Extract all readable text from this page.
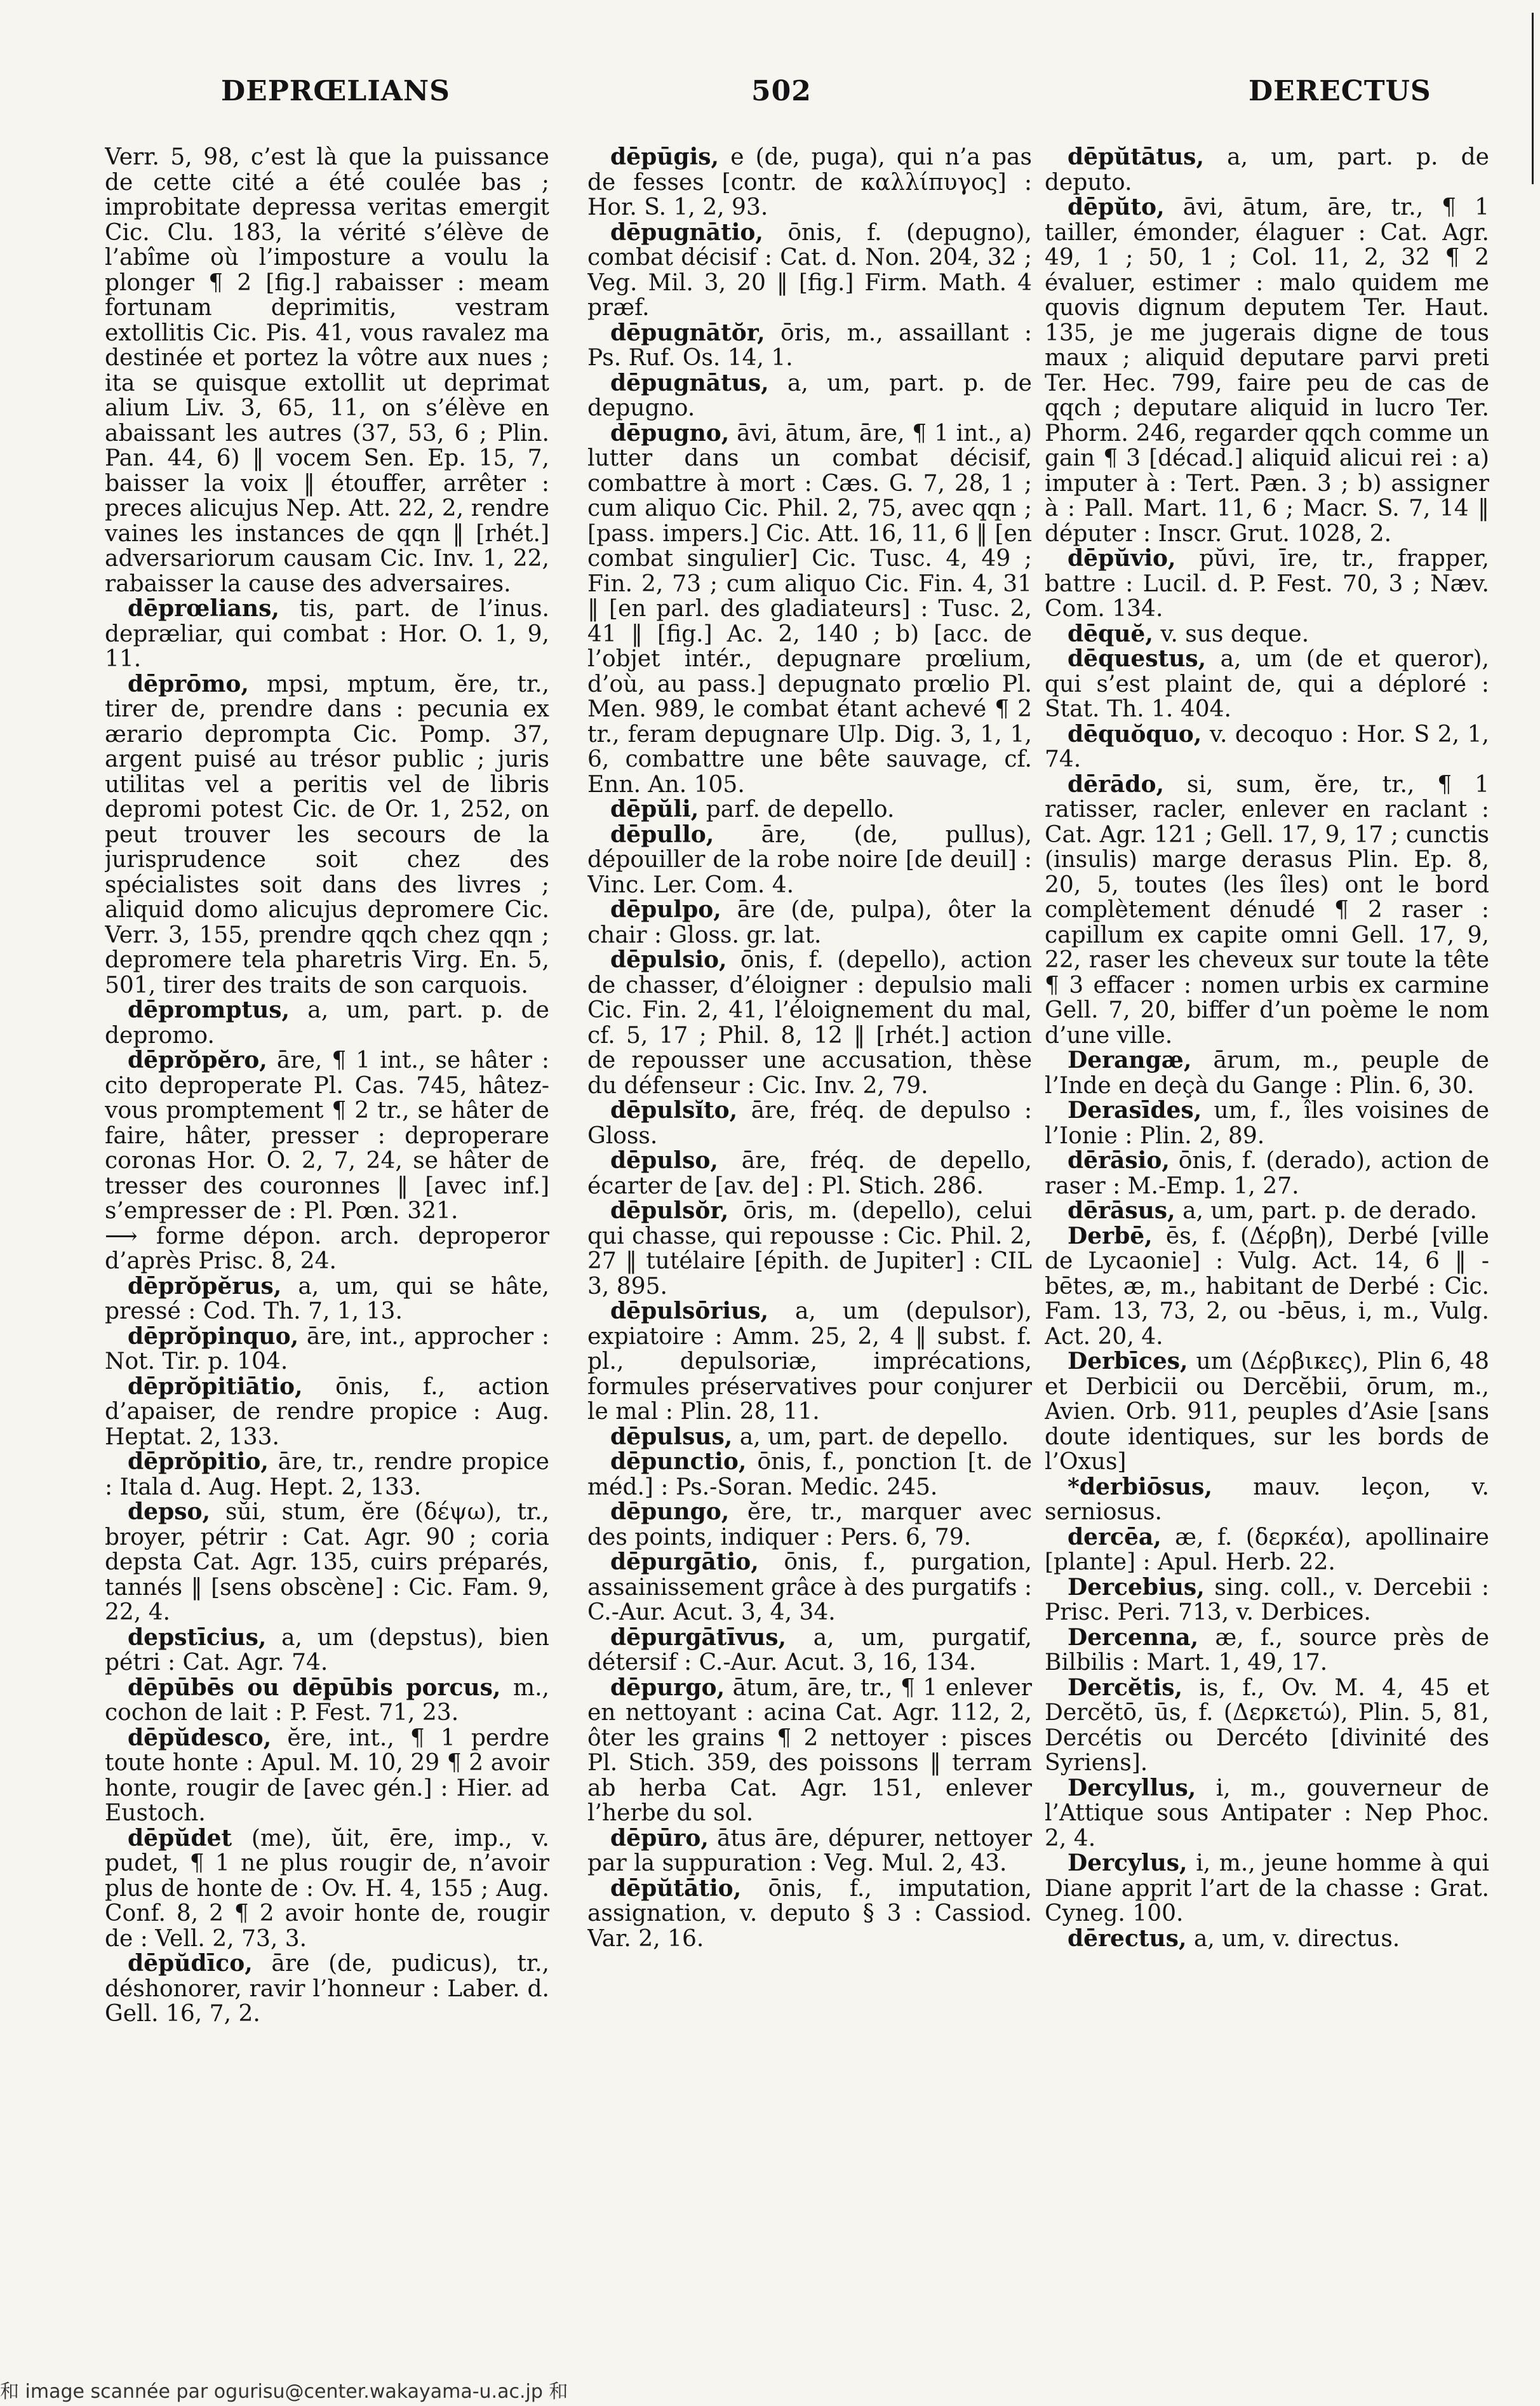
DEPRŒLIANS	502	DERECTUS

Verr. 5, 98, c’est là que la puissance de cette cité a été coulée bas ; improbitate depressa veritas emergit Cic. Clu. 183, la vérité s’élève de l’abîme où l’imposture a voulu la plonger ¶ 2 [fig.] rabaisser : meam fortunam deprimitis, vestram extollitis Cic. Pis. 41, vous ravalez ma destinée et portez la vôtre aux nues ; ita se quisque extollit ut deprimat alium Liv. 3, 65, 11, on s’élève en abaissant les autres (37, 53, 6 ; Plin. Pan. 44, 6) ‖ vocem Sen. Ep. 15, 7, baisser la voix ‖ étouffer, arrêter : preces alicujus Nep. Att. 22, 2, rendre vaines les instances de qqn ‖ [rhét.] adversariorum causam Cic. Inv. 1, 22, rabaisser la cause des adversaires.

dēprœlians, tis, part. de l’inus. depræliar, qui combat : Hor. O. 1, 9, 11.

dēprōmo, mpsi, mptum, ĕre, tr., tirer de, prendre dans : pecunia ex ærario deprompta Cic. Pomp. 37, argent puisé au trésor public ; juris utilitas vel a peritis vel de libris depromi potest Cic. de Or. 1, 252, on peut trouver les secours de la jurisprudence soit chez des spécialistes soit dans des livres ; aliquid domo alicujus depromere Cic. Verr. 3, 155, prendre qqch chez qqn ; depromere tela pharetris Virg. En. 5, 501, tirer des traits de son carquois.

dēpromptus, a, um, part. p. de depromo.

dēprŏpĕro, āre, ¶ 1 int., se hâter : cito deproperate Pl. Cas. 745, hâtez-vous promptement ¶ 2 tr., se hâter de faire, hâter, presser : deproperare coronas Hor. O. 2, 7, 24, se hâter de tresser des couronnes ‖ [avec inf.] s’empresser de : Pl. Pœn. 321.

⟶ forme dépon. arch. deproperor d’après Prisc. 8, 24.

dēprŏpĕrus, a, um, qui se hâte, pressé : Cod. Th. 7, 1, 13.

dēprŏpinquo, āre, int., approcher : Not. Tir. p. 104.

dēprŏpitiātio, ōnis, f., action d’apaiser, de rendre propice : Aug. Heptat. 2, 133.

dēprŏpitio, āre, tr., rendre propice : Itala d. Aug. Hept. 2, 133.

depso, sŭi, stum, ĕre (δέψω), tr., broyer, pétrir : Cat. Agr. 90 ; coria depsta Cat. Agr. 135, cuirs préparés, tannés ‖ [sens obscène] : Cic. Fam. 9, 22, 4.

depstīcius, a, um (depstus), bien pétri : Cat. Agr. 74.

dēpūbēs ou dēpūbis porcus, m., cochon de lait : P. Fest. 71, 23.

dēpŭdesco, ĕre, int., ¶ 1 perdre toute honte : Apul. M. 10, 29 ¶ 2 avoir honte, rougir de [avec gén.] : Hier. ad Eustoch.

dēpŭdet (me), ŭit, ēre, imp., v. pudet, ¶ 1 ne plus rougir de, n’avoir plus de honte de : Ov. H. 4, 155 ; Aug. Conf. 8, 2 ¶ 2 avoir honte de, rougir de : Vell. 2, 73, 3.

dēpŭdīco, āre (de, pudicus), tr., déshonorer, ravir l’honneur : Laber. d. Gell. 16, 7, 2.

dēpūgis, e (de, puga), qui n’a pas de fesses [contr. de καλλίπυγος] : Hor. S. 1, 2, 93.

dēpugnātio, ōnis, f. (depugno), combat décisif : Cat. d. Non. 204, 32 ; Veg. Mil. 3, 20 ‖ [fig.] Firm. Math. 4 præf.

dēpugnātŏr, ōris, m., assaillant : Ps. Ruf. Os. 14, 1.

dēpugnātus, a, um, part. p. de depugno.

dēpugno, āvi, ātum, āre, ¶ 1 int., a) lutter dans un combat décisif, combattre à mort : Cæs. G. 7, 28, 1 ; cum aliquo Cic. Phil. 2, 75, avec qqn ; [pass. impers.] Cic. Att. 16, 11, 6 ‖ [en combat singulier] Cic. Tusc. 4, 49 ; Fin. 2, 73 ; cum aliquo Cic. Fin. 4, 31 ‖ [en parl. des gladiateurs] : Tusc. 2, 41 ‖ [fig.] Ac. 2, 140 ; b) [acc. de l’objet intér., depugnare prœlium, d’où, au pass.] depugnato prœlio Pl. Men. 989, le combat étant achevé ¶ 2 tr., feram depugnare Ulp. Dig. 3, 1, 1, 6, combattre une bête sauvage, cf. Enn. An. 105.

dēpŭli, parf. de depello.

dēpullo, āre, (de, pullus), dépouiller de la robe noire [de deuil] : Vinc. Ler. Com. 4.

dēpulpo, āre (de, pulpa), ôter la chair : Gloss. gr. lat.

dēpulsio, ōnis, f. (depello), action de chasser, d’éloigner : depulsio mali Cic. Fin. 2, 41, l’éloignement du mal, cf. 5, 17 ; Phil. 8, 12 ‖ [rhét.] action de repousser une accusation, thèse du défenseur : Cic. Inv. 2, 79.

dēpulsĭto, āre, fréq. de depulso : Gloss.

dēpulso, āre, fréq. de depello, écarter de [av. de] : Pl. Stich. 286.

dēpulsŏr, ōris, m. (depello), celui qui chasse, qui repousse : Cic. Phil. 2, 27 ‖ tutélaire [épith. de Jupiter] : CIL 3, 895.

dēpulsōrius, a, um (depulsor), expiatoire : Amm. 25, 2, 4 ‖ subst. f. pl., depulsoriæ, imprécations, formules préservatives pour conjurer le mal : Plin. 28, 11.

dēpulsus, a, um, part. de depello.

dēpunctio, ōnis, f., ponction [t. de méd.] : Ps.-Soran. Medic. 245.

dēpungo, ĕre, tr., marquer avec des points, indiquer : Pers. 6, 79.

dēpurgātio, ōnis, f., purgation, assainissement grâce à des purgatifs : C.-Aur. Acut. 3, 4, 34.

dēpurgātīvus, a, um, purgatif, détersif : C.-Aur. Acut. 3, 16, 134.

dēpurgo, ātum, āre, tr., ¶ 1 enlever en nettoyant : acina Cat. Agr. 112, 2, ôter les grains ¶ 2 nettoyer : pisces Pl. Stich. 359, des poissons ‖ terram ab herba Cat. Agr. 151, enlever l’herbe du sol.

dēpūro, ātus āre, dépurer, nettoyer par la suppuration : Veg. Mul. 2, 43.

dēpŭtātio, ōnis, f., imputation, assignation, v. deputo § 3 : Cassiod. Var. 2, 16.

dēpŭtātus, a, um, part. p. de deputo.

dēpŭto, āvi, ātum, āre, tr., ¶ 1 tailler, émonder, élaguer : Cat. Agr. 49, 1 ; 50, 1 ; Col. 11, 2, 32 ¶ 2 évaluer, estimer : malo quidem me quovis dignum deputem Ter. Haut. 135, je me jugerais digne de tous maux ; aliquid deputare parvi preti Ter. Hec. 799, faire peu de cas de qqch ; deputare aliquid in lucro Ter. Phorm. 246, regarder qqch comme un gain ¶ 3 [décad.] aliquid alicui rei : a) imputer à : Tert. Pæn. 3 ; b) assigner à : Pall. Mart. 11, 6 ; Macr. S. 7, 14 ‖ députer : Inscr. Grut. 1028, 2.

dēpŭvio, pŭvi, īre, tr., frapper, battre : Lucil. d. P. Fest. 70, 3 ; Næv. Com. 134.

dēquĕ, v. sus deque.

dēquestus, a, um (de et queror), qui s’est plaint de, qui a déploré : Stat. Th. 1. 404.

dēquŏquo, v. decoquo : Hor. S 2, 1, 74.

dērādo, si, sum, ĕre, tr., ¶ 1 ratisser, racler, enlever en raclant : Cat. Agr. 121 ; Gell. 17, 9, 17 ; cunctis (insulis) marge derasus Plin. Ep. 8, 20, 5, toutes (les îles) ont le bord complètement dénudé ¶ 2 raser : capillum ex capite omni Gell. 17, 9, 22, raser les cheveux sur toute la tête ¶ 3 effacer : nomen urbis ex carmine Gell. 7, 20, biffer d’un poème le nom d’une ville.

Derangæ, ārum, m., peuple de l’Inde en deçà du Gange : Plin. 6, 30.

Derasīdes, um, f., îles voisines de l’Ionie : Plin. 2, 89.

dērāsio, ōnis, f. (derado), action de raser : M.-Emp. 1, 27.

dērāsus, a, um, part. p. de derado.

Derbē, ēs, f. (Δέρβη), Derbé [ville de Lycaonie] : Vulg. Act. 14, 6 ‖ -bētes, æ, m., habitant de Derbé : Cic. Fam. 13, 73, 2, ou -bēus, i, m., Vulg. Act. 20, 4.

Derbīces, um (Δέρβικες), Plin 6, 48 et Derbicii ou Dercĕbii, ōrum, m., Avien. Orb. 911, peuples d’Asie [sans doute identiques, sur les bords de l’Oxus]

*derbiōsus, mauv. leçon, v. serniosus.

dercēa, æ, f. (δερκέα), apollinaire [plante] : Apul. Herb. 22.

Dercebius, sing. coll., v. Dercebii : Prisc. Peri. 713, v. Derbices.

Dercenna, æ, f., source près de Bilbilis : Mart. 1, 49, 17.

Dercĕtis, is, f., Ov. M. 4, 45 et Dercĕtō, ūs, f. (Δερκετώ), Plin. 5, 81, Dercétis ou Dercéto [divinité des Syriens].

Dercyllus, i, m., gouverneur de l’Attique sous Antipater : Nep Phoc. 2, 4.

Dercylus, i, m., jeune homme à qui Diane apprit l’art de la chasse : Grat. Cyneg. 100.

dērectus, a, um, v. directus.

和 image scannée par ogurisu@center.wakayama-u.ac.jp 和
